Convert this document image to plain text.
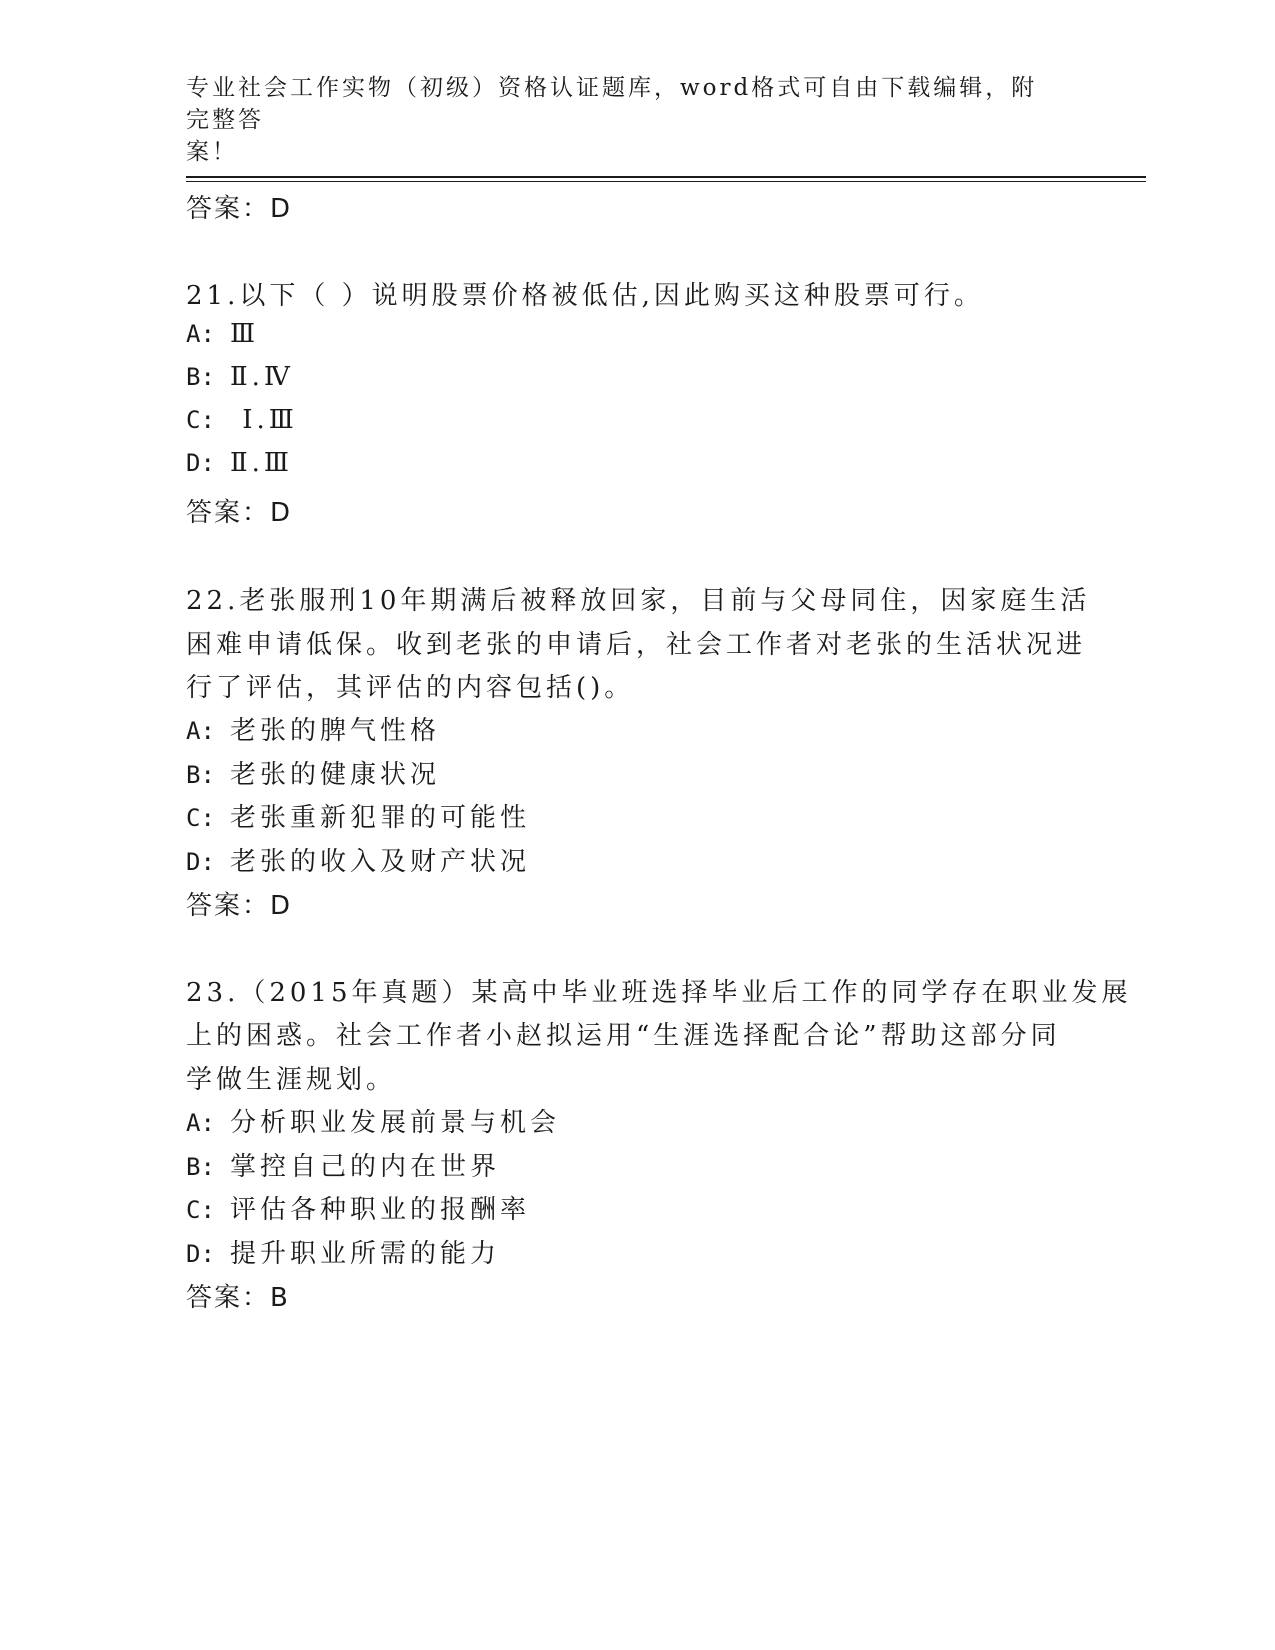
专业社会工作实物（初级）资格认证题库，word格式可自由下载编辑，附完整答
案！
答案：D
21.以下（ ）说明股票价格被低估,因此购买这种股票可行。
A: Ⅲ
B: Ⅱ.Ⅳ
C: Ⅰ.Ⅲ
D: Ⅱ.Ⅲ
答案：D
22.老张服刑10年期满后被释放回家，目前与父母同住，因家庭生活
困难申请低保。收到老张的申请后，社会工作者对老张的生活状况进
行了评估，其评估的内容包括()。
A: 老张的脾气性格
B: 老张的健康状况
C: 老张重新犯罪的可能性
D: 老张的收入及财产状况
答案：D
23.（2015年真题）某高中毕业班选择毕业后工作的同学存在职业发展
上的困惑。社会工作者小赵拟运用“生涯选择配合论”帮助这部分同
学做生涯规划。
A: 分析职业发展前景与机会
B: 掌控自己的内在世界
C: 评估各种职业的报酬率
D: 提升职业所需的能力
答案：B
